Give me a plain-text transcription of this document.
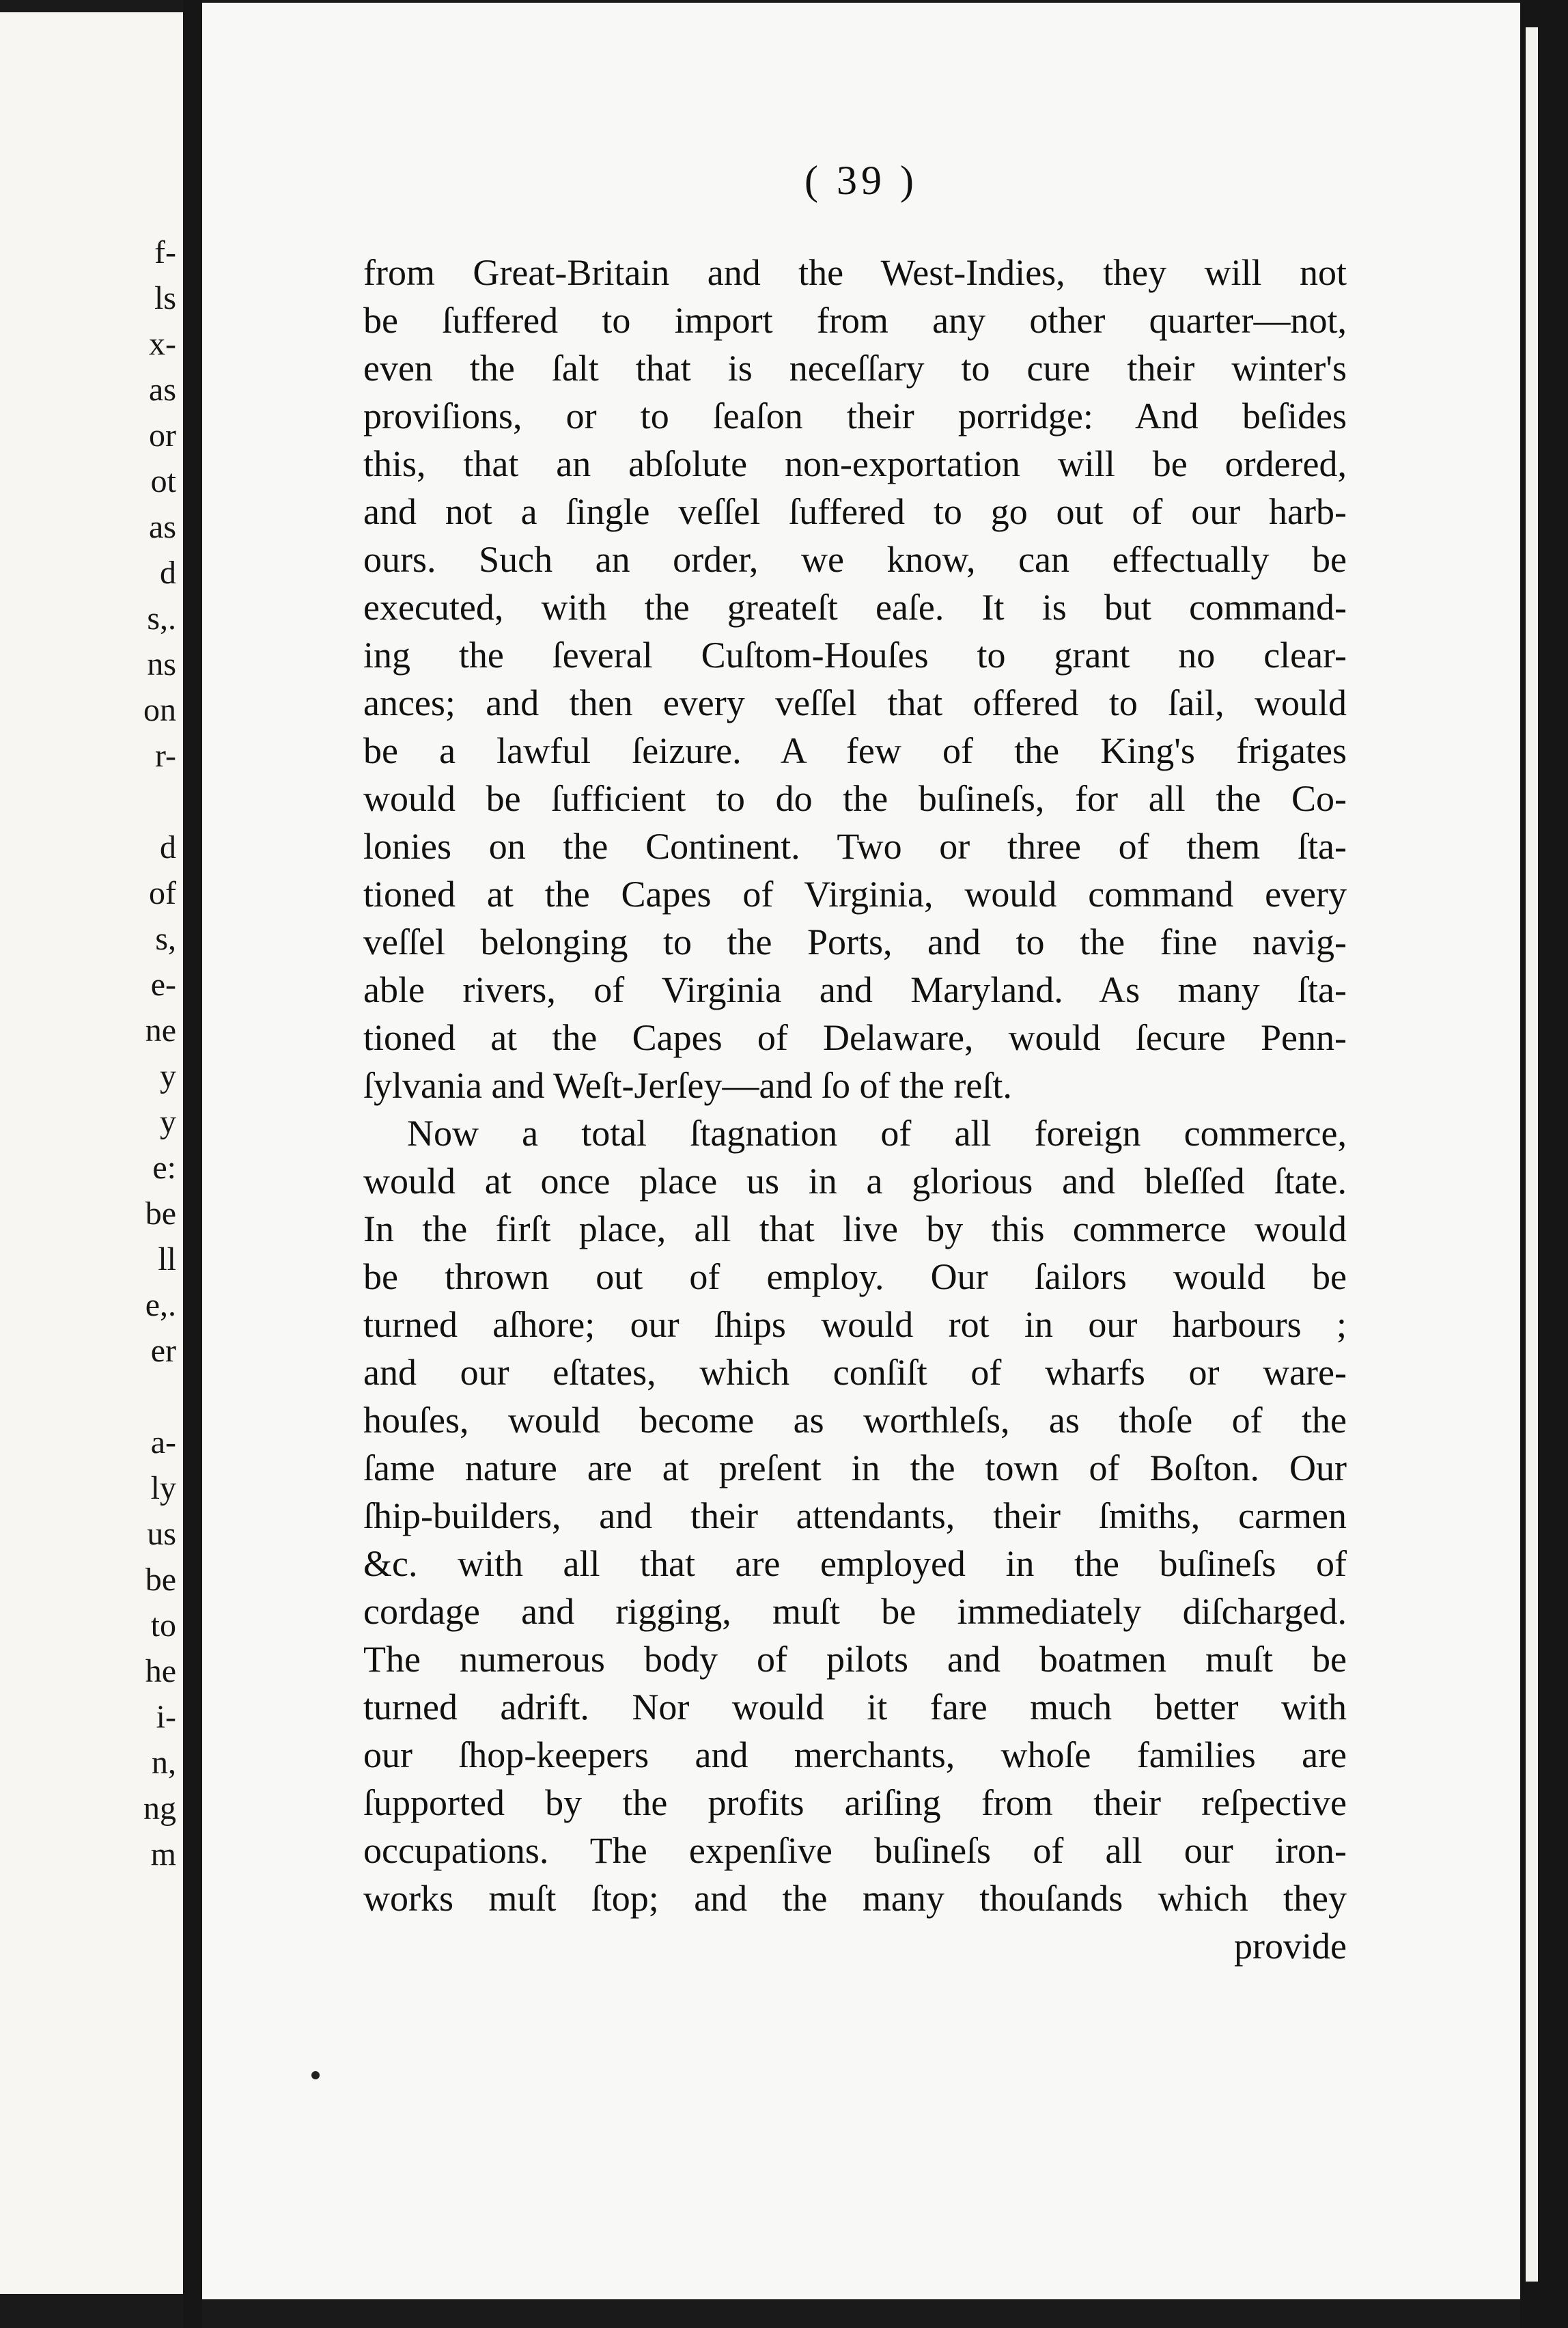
f-
ls
x-
as
or
ot
as
d
s,.
ns
on
r-
d
of
s,
e-
ne
y
y
e:
be
ll
e,.
er
a-
ly
us
be
to
he
i-
n,
ng
m
( 39 )
from Great-Britain and the West-Indies, they will not
be ſuffered to import from any other quarter—not,
even the ſalt that is neceſſary to cure their winter's
proviſions, or to ſeaſon their porridge: And beſides
this, that an abſolute non-exportation will be ordered,
and not a ſingle veſſel ſuffered to go out of our harb-
ours. Such an order, we know, can effectually be
executed, with the greateſt eaſe. It is but command-
ing the ſeveral Cuſtom-Houſes to grant no clear-
ances; and then every veſſel that offered to ſail, would
be a lawful ſeizure. A few of the King's frigates
would be ſufficient to do the buſineſs, for all the Co-
lonies on the Continent. Two or three of them ſta-
tioned at the Capes of Virginia, would command every
veſſel belonging to the Ports, and to the fine navig-
able rivers, of Virginia and Maryland. As many ſta-
tioned at the Capes of Delaware, would ſecure Penn-
ſylvania and Weſt-Jerſey—and ſo of the reſt.
Now a total ſtagnation of all foreign commerce,
would at once place us in a glorious and bleſſed ſtate.
In the firſt place, all that live by this commerce would
be thrown out of employ. Our ſailors would be
turned aſhore; our ſhips would rot in our harbours ;
and our eſtates, which conſiſt of wharfs or ware-
houſes, would become as worthleſs, as thoſe of the
ſame nature are at preſent in the town of Boſton. Our
ſhip-builders, and their attendants, their ſmiths, carmen
&c. with all that are employed in the buſineſs of
cordage and rigging, muſt be immediately diſcharged.
The numerous body of pilots and boatmen muſt be
turned adrift. Nor would it fare much better with
our ſhop-keepers and merchants, whoſe families are
ſupported by the profits ariſing from their reſpective
occupations. The expenſive buſineſs of all our iron-
works muſt ſtop; and the many thouſands which they
provide
